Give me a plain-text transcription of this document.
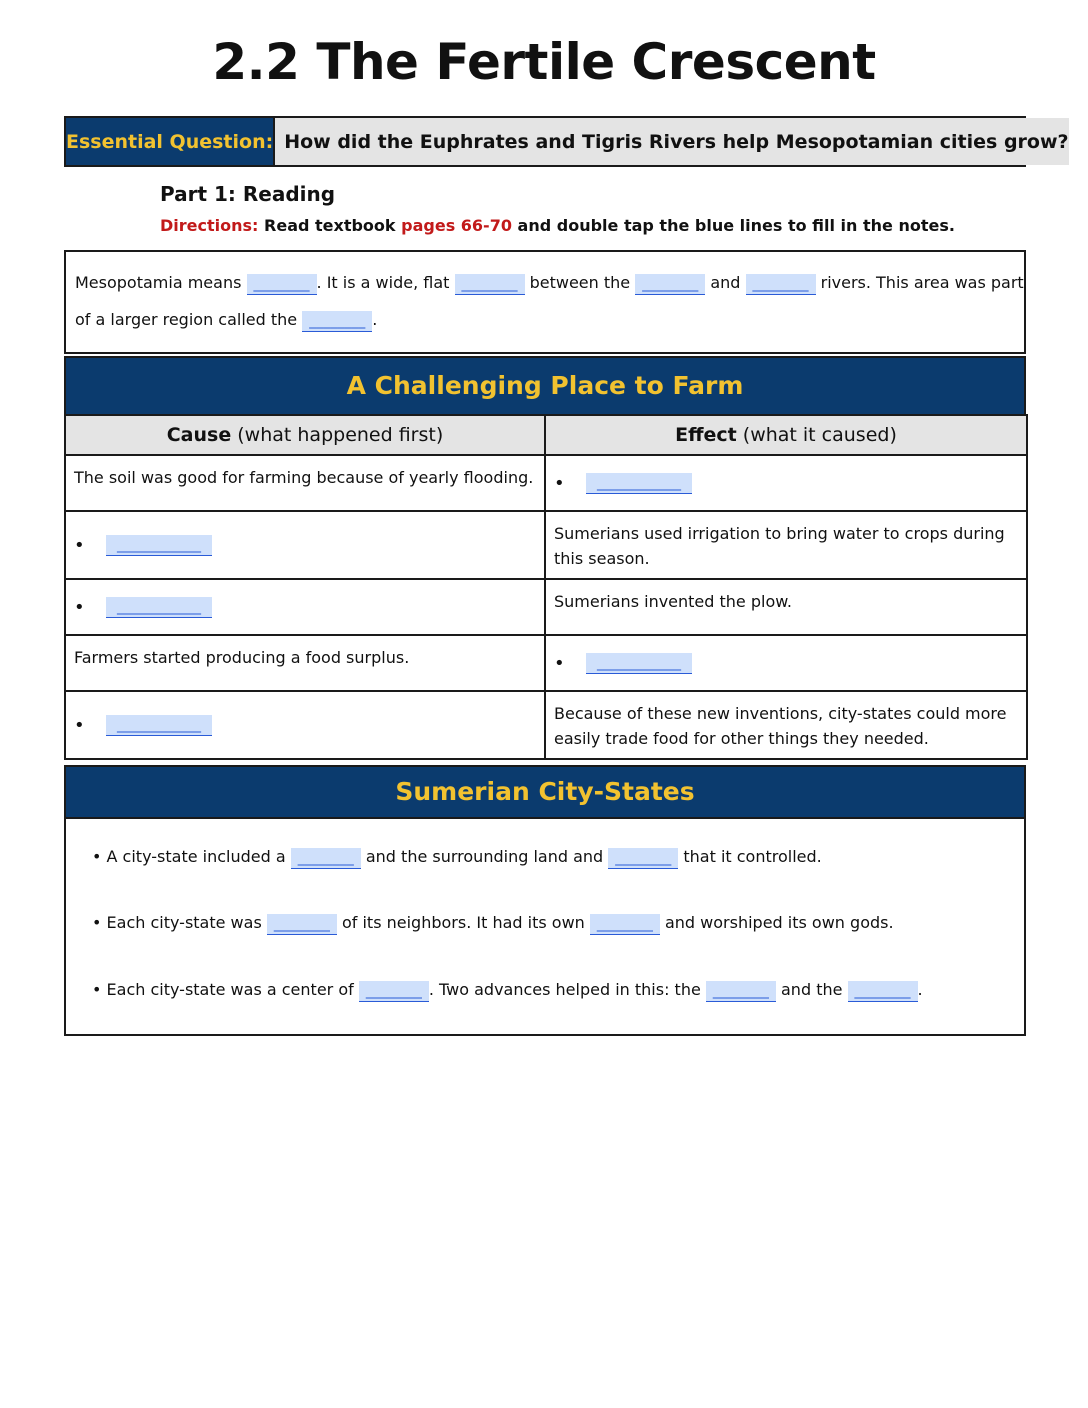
2.2 The Fertile Crescent
Essential Question: How did the Euphrates and Tigris Rivers help Mesopotamian cities grow?
Part 1: Reading
Directions: Read textbook pages 66-70 and double tap the blue lines to fill in the notes.
Mesopotamia means ________ . It is a wide, flat ________ between the ________ and ________ rivers. This area was part
of a larger region called the ________ .
A Challenging Place to Farm
Cause (what happened first)	Effect (what it caused)
The soil was good for farming because of yearly flooding.	• ____________

• ____________	Sumerians used irrigation to bring water to crops during this season.

• ____________	Sumerians invented the plow.
Farmers started producing a food surplus.	• ____________

• ____________	Because of these new inventions, city-states could more easily trade food for other things they needed.
Sumerian City-States
• A city-state included a ________ and the surrounding land and ________ that it controlled.
• Each city-state was ________ of its neighbors. It had its own ________ and worshiped its own gods.
• Each city-state was a center of ________ . Two advances helped in this: the ________ and the ________ .
